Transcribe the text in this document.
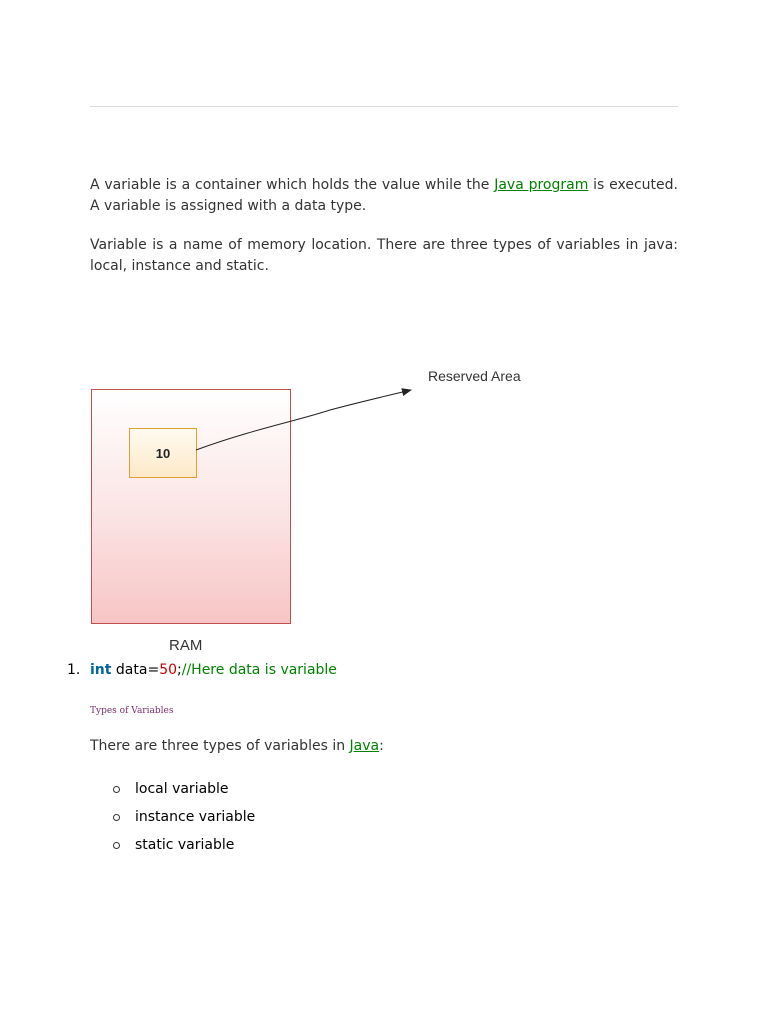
A variable is a container which holds the value while the Java program is executed. A variable is assigned with a data type.

Variable is a name of memory location. There are three types of variables in java: local, instance and static.

10
Reserved Area
RAM
1. int data=50;//Here data is variable

Types of Variables

There are three types of variables in Java:

local variable
instance variable
static variable
